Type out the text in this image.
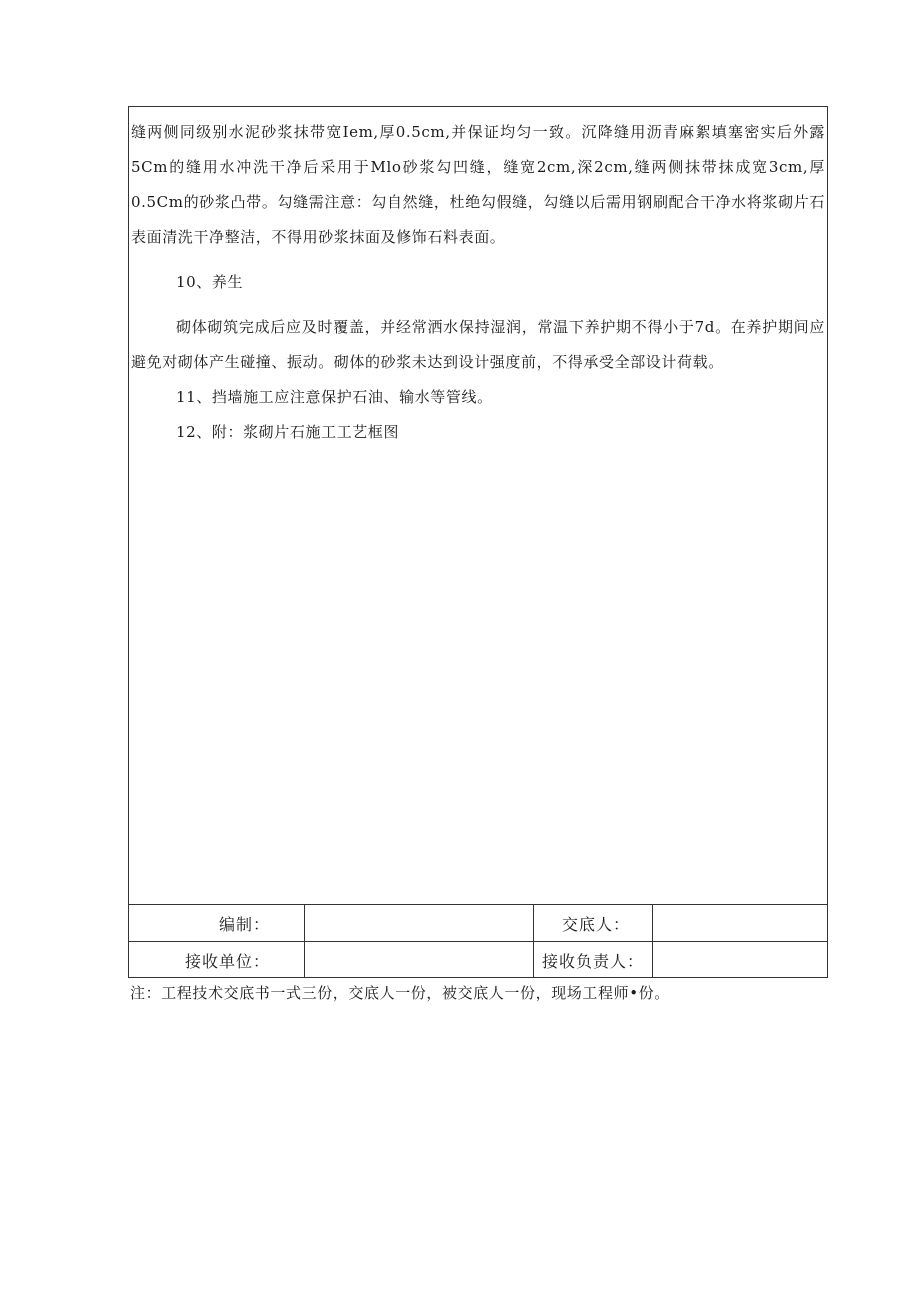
缝两侧同级别水泥砂浆抹带宽Iem,厚0.5cm,并保证均匀一致。沉降缝用沥青麻絮填塞密实后外露5Cm的缝用水冲洗干净后采用于Mlo砂浆勾凹缝，缝宽2cm,深2cm,缝两侧抹带抹成宽3cm,厚0.5Cm的砂浆凸带。勾缝需注意：勾自然缝，杜绝勾假缝，勾缝以后需用钢刷配合干净水将浆砌片石表面清洗干净整洁，不得用砂浆抹面及修饰石料表面。

10、养生

砌体砌筑完成后应及时覆盖，并经常洒水保持湿润，常温下养护期不得小于7d。在养护期间应避免对砌体产生碰撞、振动。砌体的砂浆未达到设计强度前，不得承受全部设计荷载。

11、挡墙施工应注意保护石油、输水等管线。

12、附：浆砌片石施工工艺框图

编制：	交底人：
接收单位：	接收负责人：
注：工程技术交底书一式三份，交底人一份，被交底人一份，现场工程师•份。
